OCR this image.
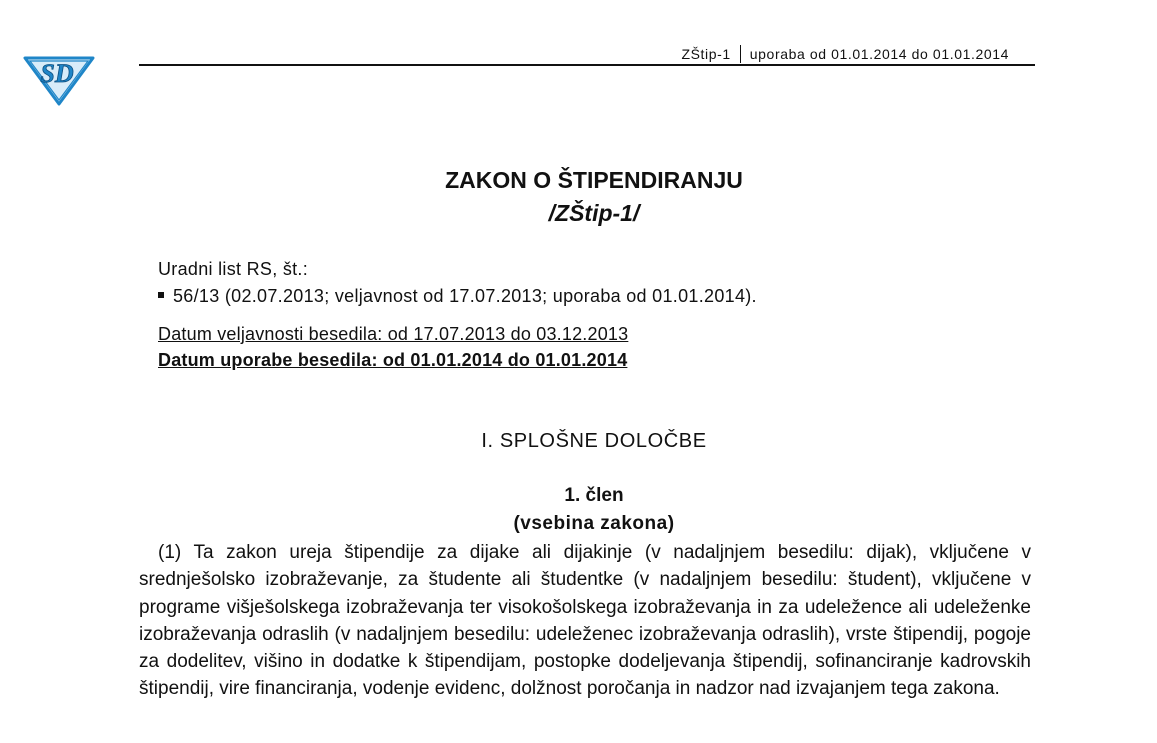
SD
ZŠtip-1 uporaba od 01.01.2014 do 01.01.2014
ZAKON O ŠTIPENDIRANJU
/ZŠtip-1/
Uradni list RS, št.:
56/13 (02.07.2013; veljavnost od 17.07.2013; uporaba od 01.01.2014).
Datum veljavnosti besedila: od 17.07.2013 do 03.12.2013
Datum uporabe besedila: od 01.01.2014 do 01.01.2014
I. SPLOŠNE DOLOČBE
1. člen
(vsebina zakona)

(1) Ta zakon ureja štipendije za dijake ali dijakinje (v nadaljnjem besedilu: dijak), vključene v srednješolsko izobraževanje, za študente ali študentke (v nadaljnjem besedilu: študent), vključene v programe višješolskega izobraževanja ter visokošolskega izobraževanja in za udeležence ali udeleženke izobraževanja odraslih (v nadaljnjem besedilu: udeleženec izobraževanja odraslih), vrste štipendij, pogoje za dodelitev, višino in dodatke k štipendijam, postopke dodeljevanja štipendij, sofinanciranje kadrovskih štipendij, vire financiranja, vodenje evidenc, dolžnost poročanja in nadzor nad izvajanjem tega zakona.
